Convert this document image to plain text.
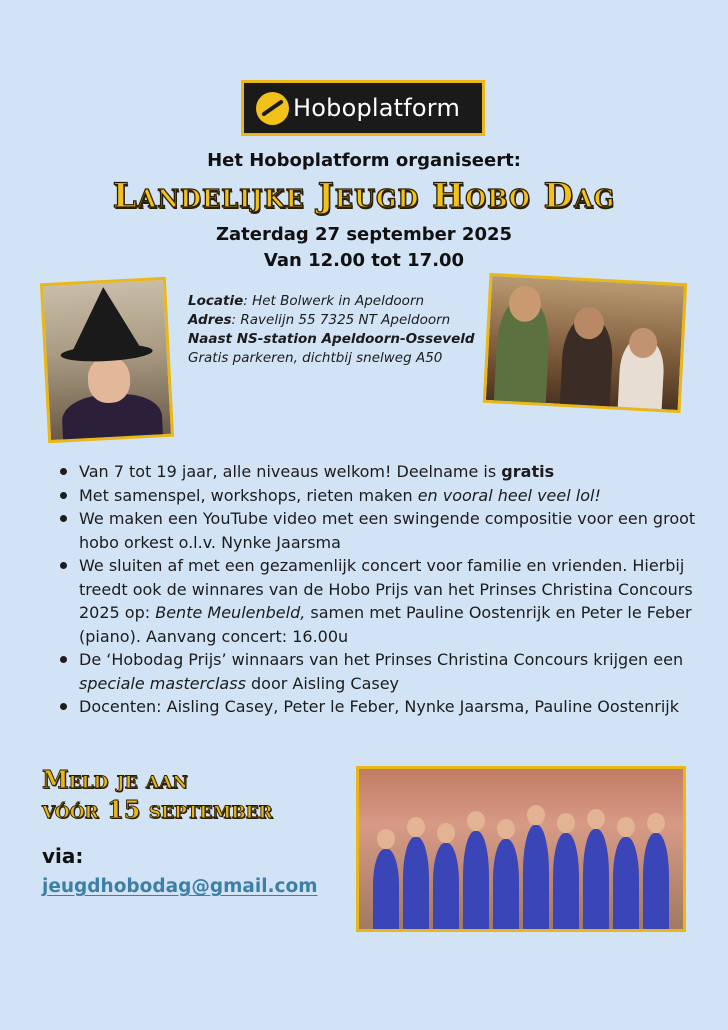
Hoboplatform
Het Hoboplatform organiseert:
Landelijke Jeugd Hobo Dag
Zaterdag 27 september 2025
Van 12.00 tot 17.00
Locatie: Het Bolwerk in Apeldoorn
Adres: Ravelijn 55 7325 NT Apeldoorn
Naast NS-station Apeldoorn-Osseveld
Gratis parkeren, dichtbij snelweg A50
Van 7 tot 19 jaar, alle niveaus welkom! Deelname is gratis
Met samenspel, workshops, rieten maken en vooral heel veel lol!
We maken een YouTube video met een swingende compositie voor een groot hobo orkest o.l.v. Nynke Jaarsma
We sluiten af met een gezamenlijk concert voor familie en vrienden. Hierbij treedt ook de winnares van de Hobo Prijs van het Prinses Christina Concours 2025 op: Bente Meulenbeld, samen met Pauline Oostenrijk en Peter le Feber (piano). Aanvang concert: 16.00u
De ‘Hobodag Prijs’ winnaars van het Prinses Christina Concours krijgen een speciale masterclass door Aisling Casey
Docenten: Aisling Casey, Peter le Feber, Nynke Jaarsma, Pauline Oostenrijk
Meld je aan
vóór 15 september
via:
jeugdhobodag@gmail.com
